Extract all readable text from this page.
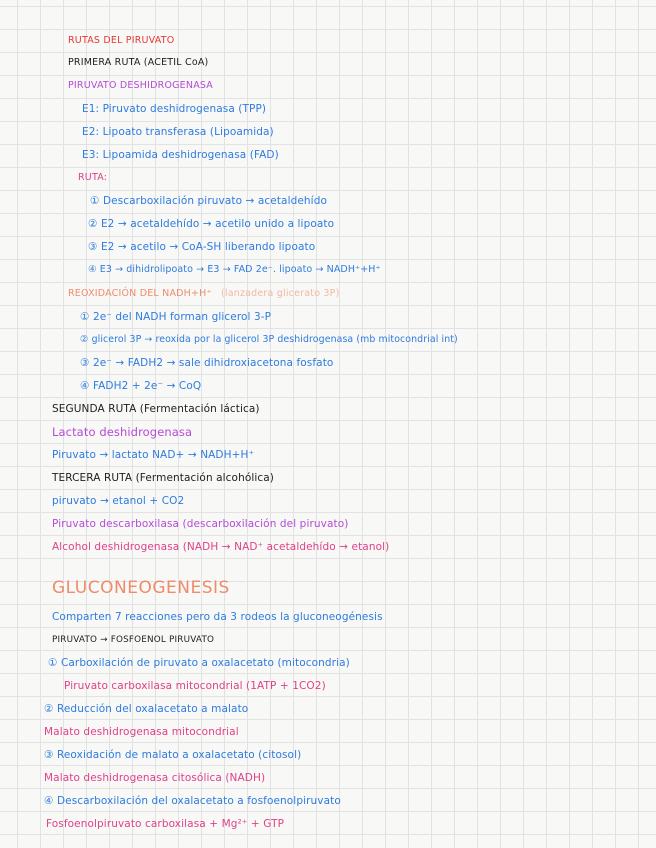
RUTAS DEL PIRUVATO
PRIMERA RUTA (ACETIL CoA)
PIRUVATO DESHIDROGENASA
E1: Piruvato deshidrogenasa (TPP)
E2: Lipoato transferasa (Lipoamida)
E3: Lipoamida deshidrogenasa (FAD)
RUTA:
① Descarboxilación piruvato → acetaldehído
② E2 → acetaldehído → acetilo unido a lipoato
③ E2 → acetilo → CoA-SH liberando lipoato
④ E3 → dihidrolipoato → E3 → FAD 2e⁻. lipoato → NADH⁺+H⁺
REOXIDACIÓN DEL NADH+H⁺ (lanzadera glicerato 3P)
① 2e⁻ del NADH forman glicerol 3-P
② glicerol 3P → reoxida por la glicerol 3P deshidrogenasa (mb mitocondrial int)
③ 2e⁻ → FADH2 → sale dihidroxiacetona fosfato
④ FADH2 + 2e⁻ → CoQ
SEGUNDA RUTA (Fermentación láctica)
Lactato deshidrogenasa
Piruvato → lactato NAD+ → NADH+H⁺
TERCERA RUTA (Fermentación alcohólica)
piruvato → etanol + CO2
Piruvato descarboxilasa (descarboxilación del piruvato)
Alcohol deshidrogenasa (NADH → NAD⁺ acetaldehído → etanol)
GLUCONEOGENESIS
Comparten 7 reacciones pero da 3 rodeos la gluconeogénesis
PIRUVATO → FOSFOENOL PIRUVATO
① Carboxilación de piruvato a oxalacetato (mitocondria)
Piruvato carboxilasa mitocondrial (1ATP + 1CO2)
② Reducción del oxalacetato a malato
Malato deshidrogenasa mitocondrial
③ Reoxidación de malato a oxalacetato (citosol)
Malato deshidrogenasa citosólica (NADH)
④ Descarboxilación del oxalacetato a fosfoenolpiruvato
Fosfoenolpiruvato carboxilasa + Mg²⁺ + GTP
